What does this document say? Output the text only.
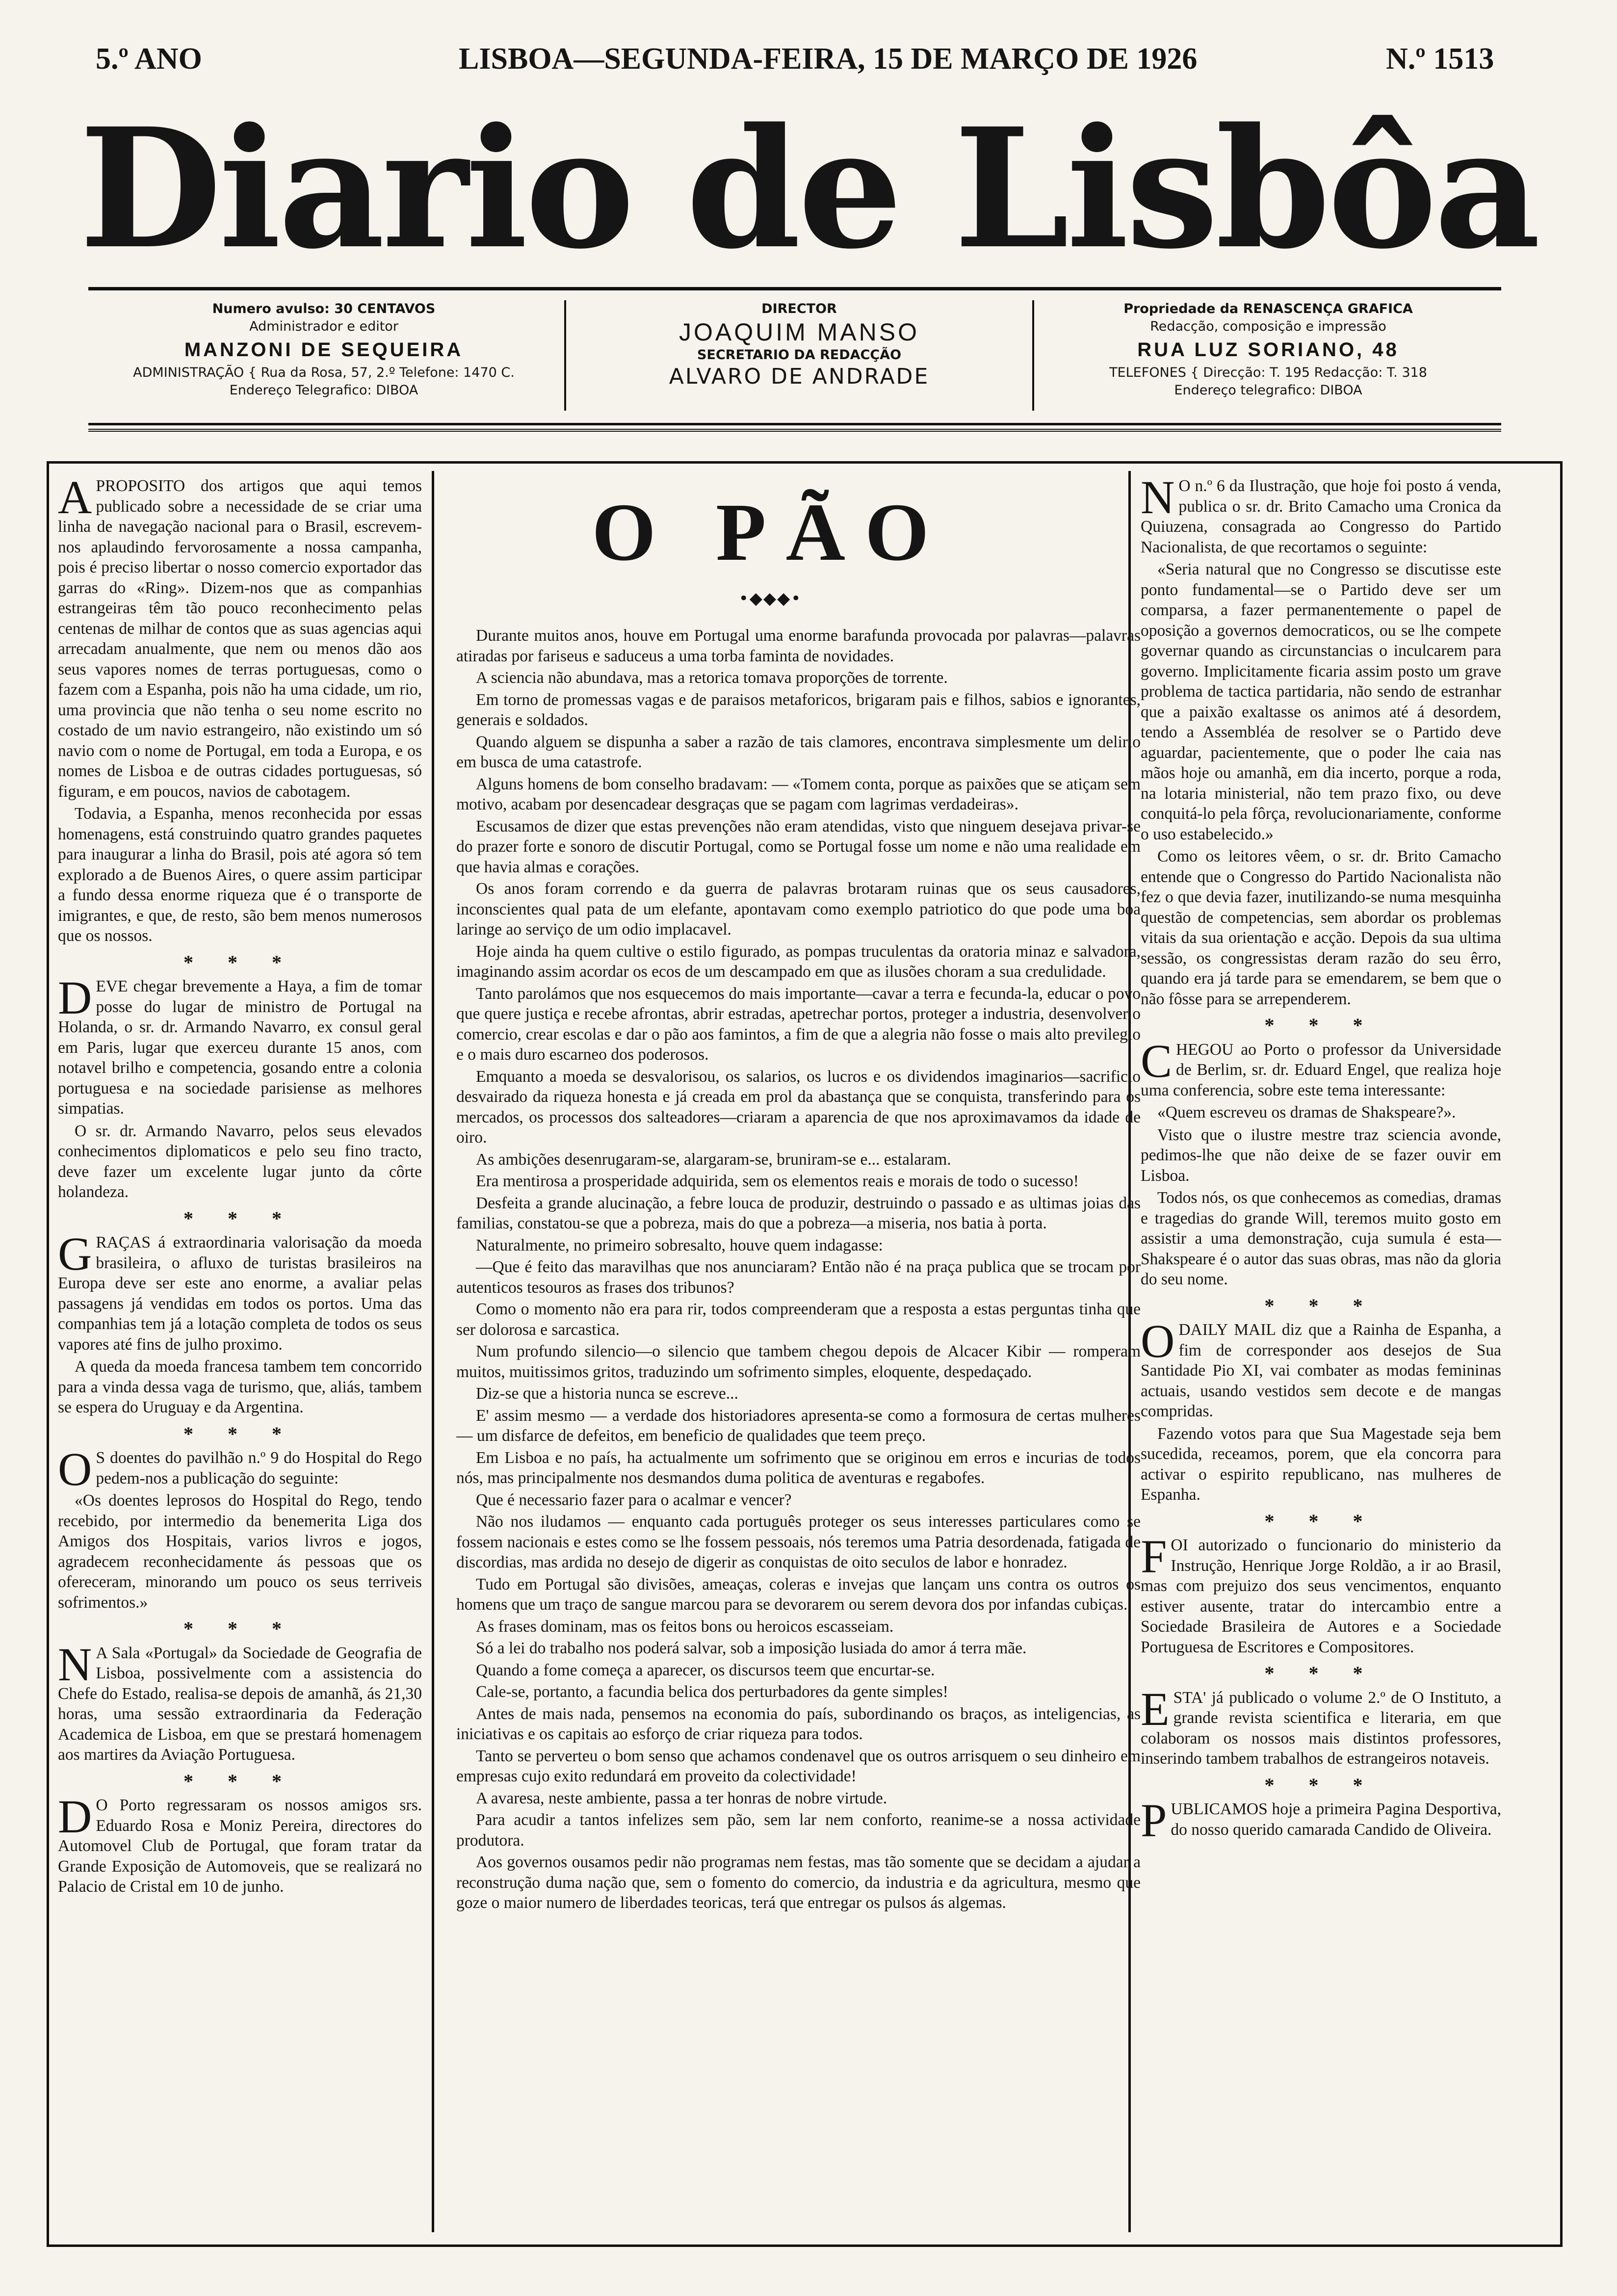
5.º ANO	LISBOA—SEGUNDA-FEIRA, 15 DE MARÇO DE 1926	N.º 1513
Diario de Lisbôa
Numero avulso: 30 CENTAVOS
Administrador e editor
MANZONI DE SEQUEIRA
ADMINISTRAÇÃO { Rua da Rosa, 57, 2.º Telefone: 1470 C.
Endereço Telegrafico: DIBOA
DIRECTOR
JOAQUIM MANSO
SECRETARIO DA REDACÇÃO
ALVARO DE ANDRADE
Propriedade da RENASCENÇA GRAFICA
Redacção, composição e impressão
RUA LUZ SORIANO, 48
TELEFONES { Direcção: T. 195 Redacção: T. 318
Endereço telegrafico: DIBOA

APROPOSITO dos artigos que aqui temos publicado sobre a necessidade de se criar uma linha de navegação nacional para o Brasil, escrevem-nos aplaudindo fervorosamente a nossa campanha, pois é preciso libertar o nosso comercio exportador das garras do «Ring». Dizem-nos que as companhias estrangeiras têm tão pouco reconhecimento pelas centenas de milhar de contos que as suas agencias aqui arrecadam anualmente, que nem ou menos dão aos seus vapores nomes de terras portuguesas, como o fazem com a Espanha, pois não ha uma cidade, um rio, uma provincia que não tenha o seu nome escrito no costado de um navio estrangeiro, não existindo um só navio com o nome de Portugal, em toda a Europa, e os nomes de Lisboa e de outras cidades portuguesas, só figuram, e em poucos, navios de cabotagem.

Todavia, a Espanha, menos reconhecida por essas homenagens, está construindo quatro grandes paquetes para inaugurar a linha do Brasil, pois até agora só tem explorado a de Buenos Aires, o quere assim participar a fundo dessa enorme riqueza que é o transporte de imigrantes, e que, de resto, são bem menos numerosos que os nossos.

* * *

DEVE chegar brevemente a Haya, a fim de tomar posse do lugar de ministro de Portugal na Holanda, o sr. dr. Armando Navarro, ex consul geral em Paris, lugar que exerceu durante 15 anos, com notavel brilho e competencia, gosando entre a colonia portuguesa e na sociedade parisiense as melhores simpatias.

O sr. dr. Armando Navarro, pelos seus elevados conhecimentos diplomaticos e pelo seu fino tracto, deve fazer um excelente lugar junto da côrte holandeza.

* * *

GRAÇAS á extraordinaria valorisação da moeda brasileira, o afluxo de turistas brasileiros na Europa deve ser este ano enorme, a avaliar pelas passagens já vendidas em todos os portos. Uma das companhias tem já a lotação completa de todos os seus vapores até fins de julho proximo.

A queda da moeda francesa tambem tem concorrido para a vinda dessa vaga de turismo, que, aliás, tambem se espera do Uruguay e da Argentina.

* * *

O S doentes do pavilhão n.º 9 do Hospital do Rego pedem-nos a publicação do seguinte:

«Os doentes leprosos do Hospital do Rego, tendo recebido, por intermedio da benemerita Liga dos Amigos dos Hospitais, varios livros e jogos, agradecem reconhecidamente ás pessoas que os ofereceram, minorando um pouco os seus terriveis sofrimentos.»

* * *

N A Sala «Portugal» da Sociedade de Geografia de Lisboa, possivelmente com a assistencia do Chefe do Estado, realisa-se depois de amanhã, ás 21,30 horas, uma sessão extraordinaria da Federação Academica de Lisboa, em que se prestará homenagem aos martires da Aviação Portuguesa.

* * *

D O Porto regressaram os nossos amigos srs. Eduardo Rosa e Moniz Pereira, directores do Automovel Club de Portugal, que foram tratar da Grande Exposição de Automoveis, que se realizará no Palacio de Cristal em 10 de junho.

O PÃO
•◆◆◆•

Durante muitos anos, houve em Portugal uma enorme barafunda provocada por palavras—palavras atiradas por fariseus e saduceus a uma torba faminta de novidades.

A sciencia não abundava, mas a retorica tomava proporções de torrente.

Em torno de promessas vagas e de paraisos metaforicos, brigaram pais e filhos, sabios e ignorantes, generais e soldados.

Quando alguem se dispunha a saber a razão de tais clamores, encontrava simplesmente um delirio em busca de uma catastrofe.

Alguns homens de bom conselho bradavam: — «Tomem conta, porque as paixões que se atiçam sem motivo, acabam por desencadear desgraças que se pagam com lagrimas verdadeiras».

Escusamos de dizer que estas prevenções não eram atendidas, visto que ninguem desejava privar-se do prazer forte e sonoro de discutir Portugal, como se Portugal fosse um nome e não uma realidade em que havia almas e corações.

Os anos foram correndo e da guerra de palavras brotaram ruinas que os seus causadores, inconscientes qual pata de um elefante, apontavam como exemplo patriotico do que pode uma boa laringe ao serviço de um odio implacavel.

Hoje ainda ha quem cultive o estilo figurado, as pompas truculentas da oratoria minaz e salvadora, imaginando assim acordar os ecos de um descampado em que as ilusões choram a sua credulidade.

Tanto parolámos que nos esquecemos do mais importante—cavar a terra e fecunda-la, educar o povo que quere justiça e recebe afrontas, abrir estradas, apetrechar portos, proteger a industria, desenvolver o comercio, crear escolas e dar o pão aos famintos, a fim de que a alegria não fosse o mais alto previlegio e o mais duro escarneo dos poderosos.

Emquanto a moeda se desvalorisou, os salarios, os lucros e os dividendos imaginarios—sacrificio desvairado da riqueza honesta e já creada em prol da abastança que se conquista, transferindo para os mercados, os processos dos salteadores—criaram a aparencia de que nos aproximavamos da idade de oiro.

As ambições desenrugaram-se, alargaram-se, bruniram-se e... estalaram.

Era mentirosa a prosperidade adquirida, sem os elementos reais e morais de todo o sucesso!

Desfeita a grande alucinação, a febre louca de produzir, destruindo o passado e as ultimas joias das familias, constatou-se que a pobreza, mais do que a pobreza—a miseria, nos batia à porta.

Naturalmente, no primeiro sobresalto, houve quem indagasse:

—Que é feito das maravilhas que nos anunciaram? Então não é na praça publica que se trocam por autenticos tesouros as frases dos tribunos?

Como o momento não era para rir, todos compreenderam que a resposta a estas perguntas tinha que ser dolorosa e sarcastica.

Num profundo silencio—o silencio que tambem chegou depois de Alcacer Kibir — romperam muitos, muitissimos gritos, traduzindo um sofrimento simples, eloquente, despedaçado.

Diz-se que a historia nunca se escreve...

E' assim mesmo — a verdade dos historiadores apresenta-se como a formosura de certas mulheres — um disfarce de defeitos, em beneficio de qualidades que teem preço.

Em Lisboa e no país, ha actualmente um sofrimento que se originou em erros e incurias de todos nós, mas principalmente nos desmandos duma politica de aventuras e regabofes.

Que é necessario fazer para o acalmar e vencer?

Não nos iludamos — enquanto cada português proteger os seus interesses particulares como se fossem nacionais e estes como se lhe fossem pessoais, nós teremos uma Patria desordenada, fatigada de discordias, mas ardida no desejo de digerir as conquistas de oito seculos de labor e honradez.

Tudo em Portugal são divisões, ameaças, coleras e invejas que lançam uns contra os outros os homens que um traço de sangue marcou para se devorarem ou serem devora dos por infandas cubiças.

As frases dominam, mas os feitos bons ou heroicos escasseiam.

Só a lei do trabalho nos poderá salvar, sob a imposição lusiada do amor á terra mãe.

Quando a fome começa a aparecer, os discursos teem que encurtar-se.

Cale-se, portanto, a facundia belica dos perturbadores da gente simples!

Antes de mais nada, pensemos na economia do país, subordinando os braços, as inteligencias, as iniciativas e os capitais ao esforço de criar riqueza para todos.

Tanto se perverteu o bom senso que achamos condenavel que os outros arrisquem o seu dinheiro em empresas cujo exito redundará em proveito da colectividade!

A avaresa, neste ambiente, passa a ter honras de nobre virtude.

Para acudir a tantos infelizes sem pão, sem lar nem conforto, reanime-se a nossa actividade produtora.

Aos governos ousamos pedir não programas nem festas, mas tão somente que se decidam a ajudar a reconstrução duma nação que, sem o fomento do comercio, da industria e da agricultura, mesmo que goze o maior numero de liberdades teoricas, terá que entregar os pulsos ás algemas.

N O n.º 6 da Ilustração, que hoje foi posto á venda, publica o sr. dr. Brito Camacho uma Cronica da Quiuzena, consagrada ao Congresso do Partido Nacionalista, de que recortamos o seguinte:

«Seria natural que no Congresso se discutisse este ponto fundamental—se o Partido deve ser um comparsa, a fazer permanentemente o papel de oposição a governos democraticos, ou se lhe compete governar quando as circunstancias o inculcarem para governo. Implicitamente ficaria assim posto um grave problema de tactica partidaria, não sendo de estranhar que a paixão exaltasse os animos até á desordem, tendo a Assembléa de resolver se o Partido deve aguardar, pacientemente, que o poder lhe caia nas mãos hoje ou amanhã, em dia incerto, porque a roda, na lotaria ministerial, não tem prazo fixo, ou deve conquitá-lo pela fôrça, revolucionariamente, conforme o uso estabelecido.»

Como os leitores vêem, o sr. dr. Brito Camacho entende que o Congresso do Partido Nacionalista não fez o que devia fazer, inutilizando-se numa mesquinha questão de competencias, sem abordar os problemas vitais da sua orientação e acção. Depois da sua ultima sessão, os congressistas deram razão do seu êrro, quando era já tarde para se emendarem, se bem que o não fôsse para se arrependerem.

* * *

CHEGOU ao Porto o professor da Universidade de Berlim, sr. dr. Eduard Engel, que realiza hoje uma conferencia, sobre este tema interessante:

«Quem escreveu os dramas de Shakspeare?».

Visto que o ilustre mestre traz sciencia avonde, pedimos-lhe que não deixe de se fazer ouvir em Lisboa.

Todos nós, os que conhecemos as comedias, dramas e tragedias do grande Will, teremos muito gosto em assistir a uma demonstração, cuja sumula é esta—Shakspeare é o autor das suas obras, mas não da gloria do seu nome.

* * *

ODAILY MAIL diz que a Rainha de Espanha, a fim de corresponder aos desejos de Sua Santidade Pio XI, vai combater as modas femininas actuais, usando vestidos sem decote e de mangas compridas.

Fazendo votos para que Sua Magestade seja bem sucedida, receamos, porem, que ela concorra para activar o espirito republicano, nas mulheres de Espanha.

* * *

FOI autorizado o funcionario do ministerio da Instrução, Henrique Jorge Roldão, a ir ao Brasil, mas com prejuizo dos seus vencimentos, enquanto estiver ausente, tratar do intercambio entre a Sociedade Brasileira de Autores e a Sociedade Portuguesa de Escritores e Compositores.

* * *

ESTA' já publicado o volume 2.º de O Instituto, a grande revista scientifica e literaria, em que colaboram os nossos mais distintos professores, inserindo tambem trabalhos de estrangeiros notaveis.

* * *

PUBLICAMOS hoje a primeira Pagina Desportiva, do nosso querido camarada Candido de Oliveira.
